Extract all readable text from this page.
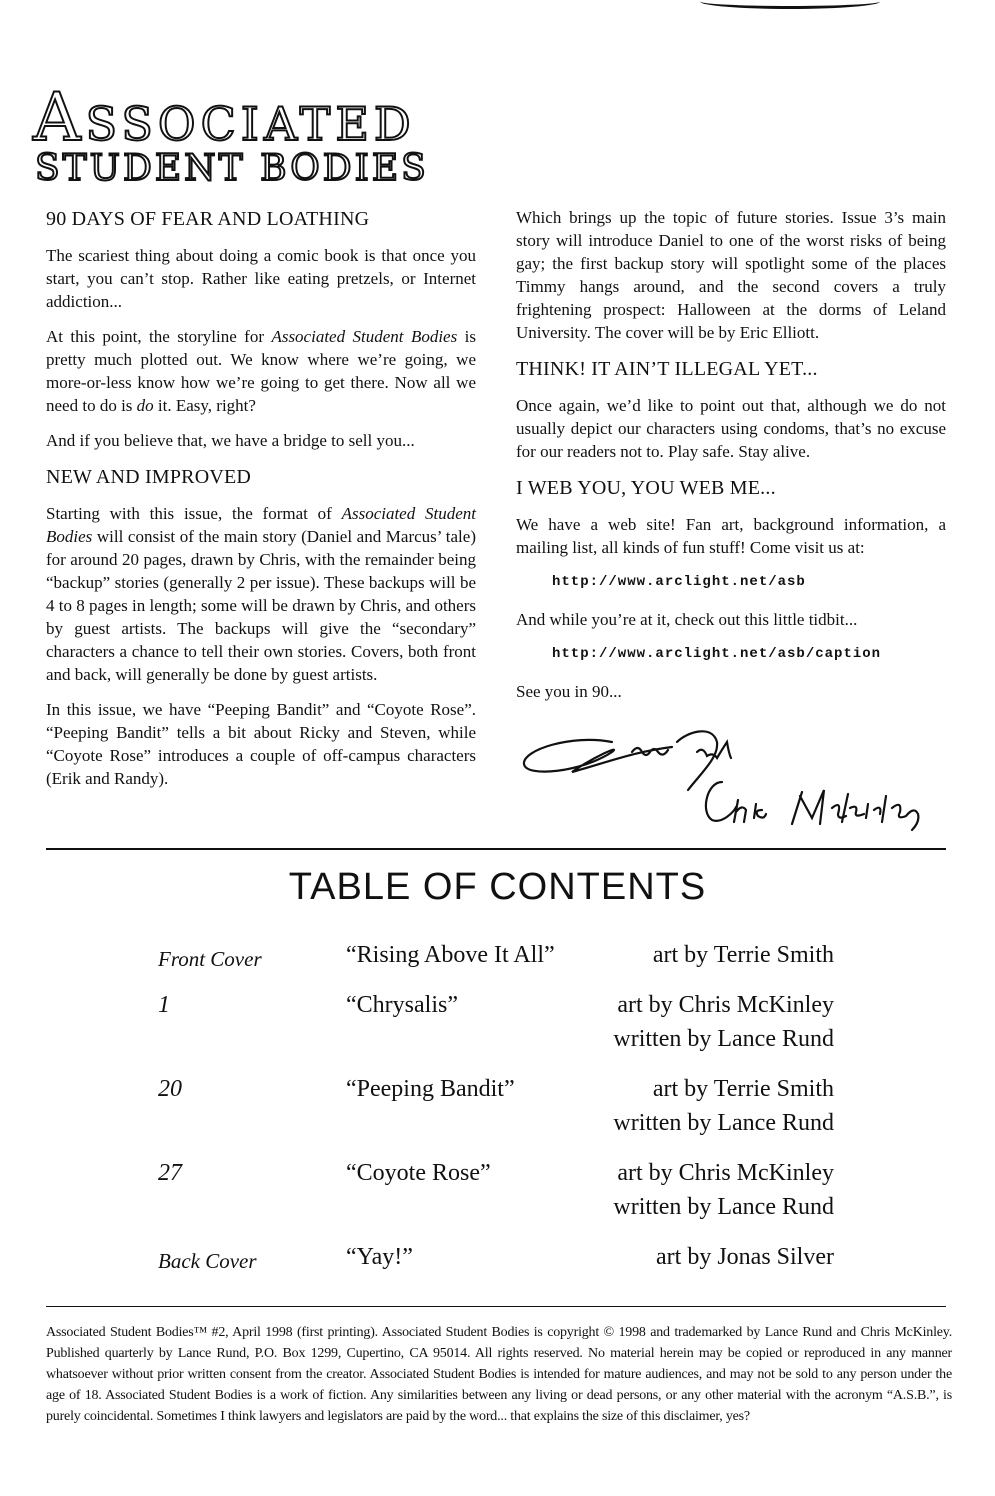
ASSOCIATED
STUDENT BODIES
90 DAYS OF FEAR AND LOATHING

The scariest thing about doing a comic book is that once you start, you can’t stop. Rather like eating pretzels, or Internet addiction...

At this point, the storyline for Associated Student Bodies is pretty much plotted out. We know where we’re going, we more-or-less know how we’re going to get there. Now all we need to do is do it. Easy, right?

And if you believe that, we have a bridge to sell you...

NEW AND IMPROVED

Starting with this issue, the format of Associated Student Bodies will consist of the main story (Daniel and Marcus’ tale) for around 20 pages, drawn by Chris, with the remainder being “backup” stories (generally 2 per issue). These backups will be 4 to 8 pages in length; some will be drawn by Chris, and others by guest artists. The backups will give the “secondary” characters a chance to tell their own stories. Covers, both front and back, will generally be done by guest artists.

In this issue, we have “Peeping Bandit” and “Coyote Rose”. “Peeping Bandit” tells a bit about Ricky and Steven, while “Coyote Rose” introduces a couple of off-campus characters (Erik and Randy).

Which brings up the topic of future stories. Issue 3’s main story will introduce Daniel to one of the worst risks of being gay; the first backup story will spotlight some of the places Timmy hangs around, and the second covers a truly frightening prospect: Halloween at the dorms of Leland University. The cover will be by Eric Elliott.

THINK! IT AIN’T ILLEGAL YET...

Once again, we’d like to point out that, although we do not usually depict our characters using condoms, that’s no excuse for our readers not to. Play safe. Stay alive.

I WEB YOU, YOU WEB ME...

We have a web site! Fan art, background information, a mailing list, all kinds of fun stuff! Come visit us at:

http://www.arclight.net/asb

And while you’re at it, check out this little tidbit...

http://www.arclight.net/asb/caption

See you in 90...

Chris McKinley
TABLE OF CONTENTS
Front Cover	“Rising Above It All”	art by Terrie Smith
1	“Chrysalis”	art by Chris McKinley
written by Lance Rund
20	“Peeping Bandit”	art by Terrie Smith
written by Lance Rund
27	“Coyote Rose”	art by Chris McKinley
written by Lance Rund
Back Cover	“Yay!”	art by Jonas Silver
Associated Student Bodies™ #2, April 1998 (first printing). Associated Student Bodies is copyright © 1998 and trademarked by Lance Rund and Chris McKinley. Published quarterly by Lance Rund, P.O. Box 1299, Cupertino, CA 95014. All rights reserved. No material herein may be copied or reproduced in any manner whatsoever without prior written consent from the creator. Associated Student Bodies is intended for mature audiences, and may not be sold to any person under the age of 18. Associated Student Bodies is a work of fiction. Any similarities between any living or dead persons, or any other material with the acronym “A.S.B.”, is purely coincidental. Sometimes I think lawyers and legislators are paid by the word... that explains the size of this disclaimer, yes?
